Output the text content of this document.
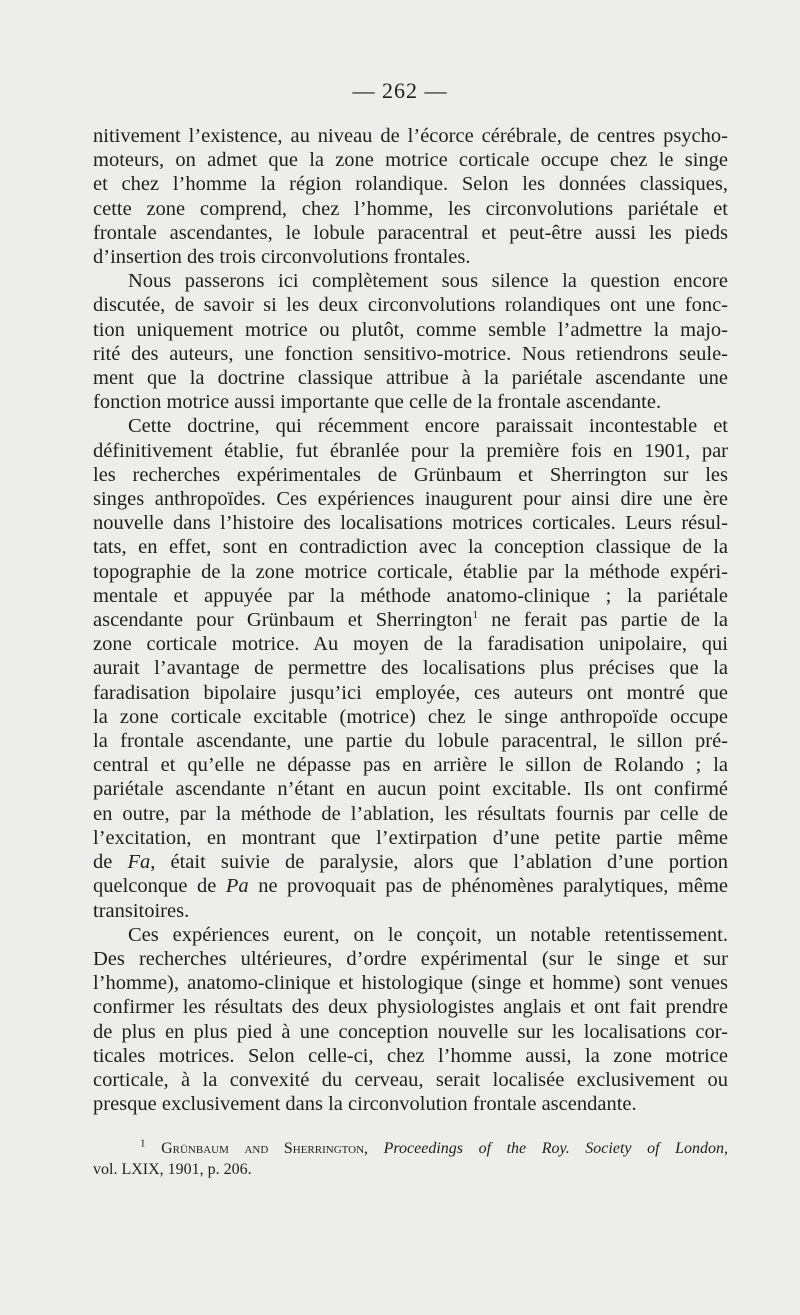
— 262 —
nitivement l’existence, au niveau de l’écorce cérébrale, de centres psycho-
moteurs, on admet que la zone motrice corticale occupe chez le singe
et chez l’homme la région rolandique. Selon les données classiques,
cette zone comprend, chez l’homme, les circonvolutions pariétale et
frontale ascendantes, le lobule paracentral et peut-être aussi les pieds
d’insertion des trois circonvolutions frontales.
Nous passerons ici complètement sous silence la question encore
discutée, de savoir si les deux circonvolutions rolandiques ont une fonc-
tion uniquement motrice ou plutôt, comme semble l’admettre la majo-
rité des auteurs, une fonction sensitivo-motrice. Nous retiendrons seule-
ment que la doctrine classique attribue à la pariétale ascendante une
fonction motrice aussi importante que celle de la frontale ascendante.
Cette doctrine, qui récemment encore paraissait incontestable et
définitivement établie, fut ébranlée pour la première fois en 1901, par
les recherches expérimentales de Grünbaum et Sherrington sur les
singes anthropoïdes. Ces expériences inaugurent pour ainsi dire une ère
nouvelle dans l’histoire des localisations motrices corticales. Leurs résul-
tats, en effet, sont en contradiction avec la conception classique de la
topographie de la zone motrice corticale, établie par la méthode expéri-
mentale et appuyée par la méthode anatomo-clinique ; la pariétale
ascendante pour Grünbaum et Sherrington$^1$ ne ferait pas partie de la
zone corticale motrice. Au moyen de la faradisation unipolaire, qui
aurait l’avantage de permettre des localisations plus précises que la
faradisation bipolaire jusqu’ici employée, ces auteurs ont montré que
la zone corticale excitable (motrice) chez le singe anthropoïde occupe
la frontale ascendante, une partie du lobule paracentral, le sillon pré-
central et qu’elle ne dépasse pas en arrière le sillon de Rolando ; la
pariétale ascendante n’étant en aucun point excitable. Ils ont confirmé
en outre, par la méthode de l’ablation, les résultats fournis par celle de
l’excitation, en montrant que l’extirpation d’une petite partie même
de Fa, était suivie de paralysie, alors que l’ablation d’une portion
quelconque de Pa ne provoquait pas de phénomènes paralytiques, même
transitoires.
Ces expériences eurent, on le conçoit, un notable retentissement.
Des recherches ultérieures, d’ordre expérimental (sur le singe et sur
l’homme), anatomo-clinique et histologique (singe et homme) sont venues
confirmer les résultats des deux physiologistes anglais et ont fait prendre
de plus en plus pied à une conception nouvelle sur les localisations cor-
ticales motrices. Selon celle-ci, chez l’homme aussi, la zone motrice
corticale, à la convexité du cerveau, serait localisée exclusivement ou
presque exclusivement dans la circonvolution frontale ascendante.
$^1$ Grünbaum and Sherrington, Proceedings of the Roy. Society of London,
vol. LXIX, 1901, p. 206.
